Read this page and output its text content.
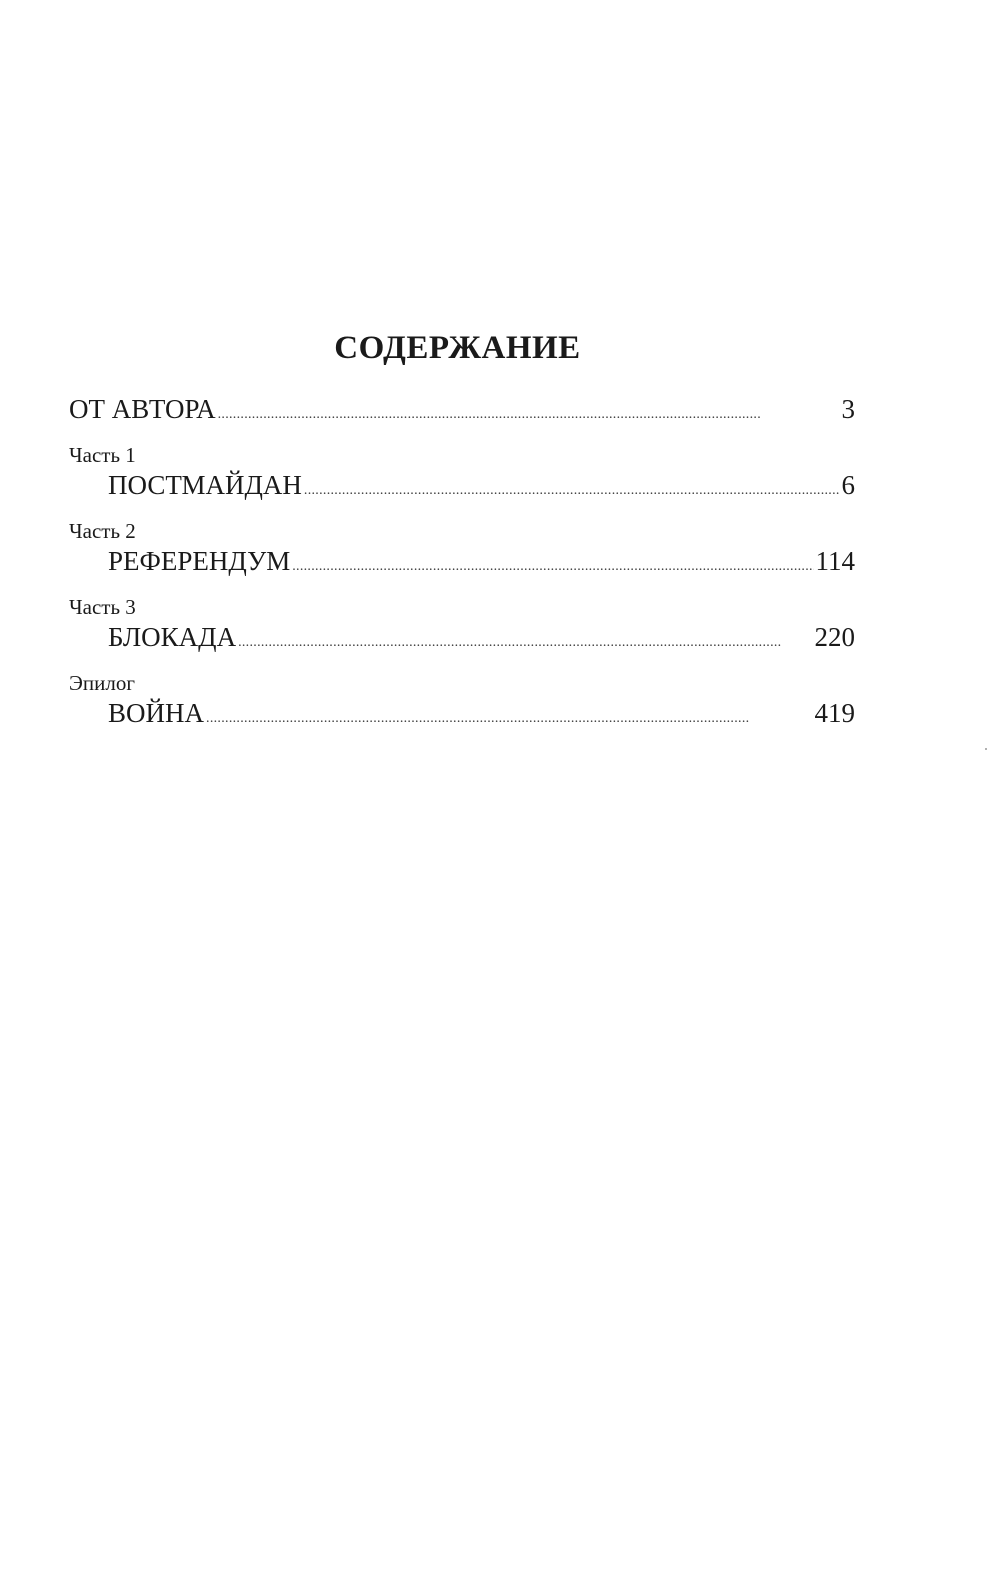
СОДЕРЖАНИЕ
ОТ АВТОРА . . .	3
Часть 1
ПОСТМАЙДАН . . .	6
Часть 2
РЕФЕРЕНДУМ . . .	114
Часть 3
БЛОКАДА . . .	220
Эпилог
ВОЙНА . . .	419
